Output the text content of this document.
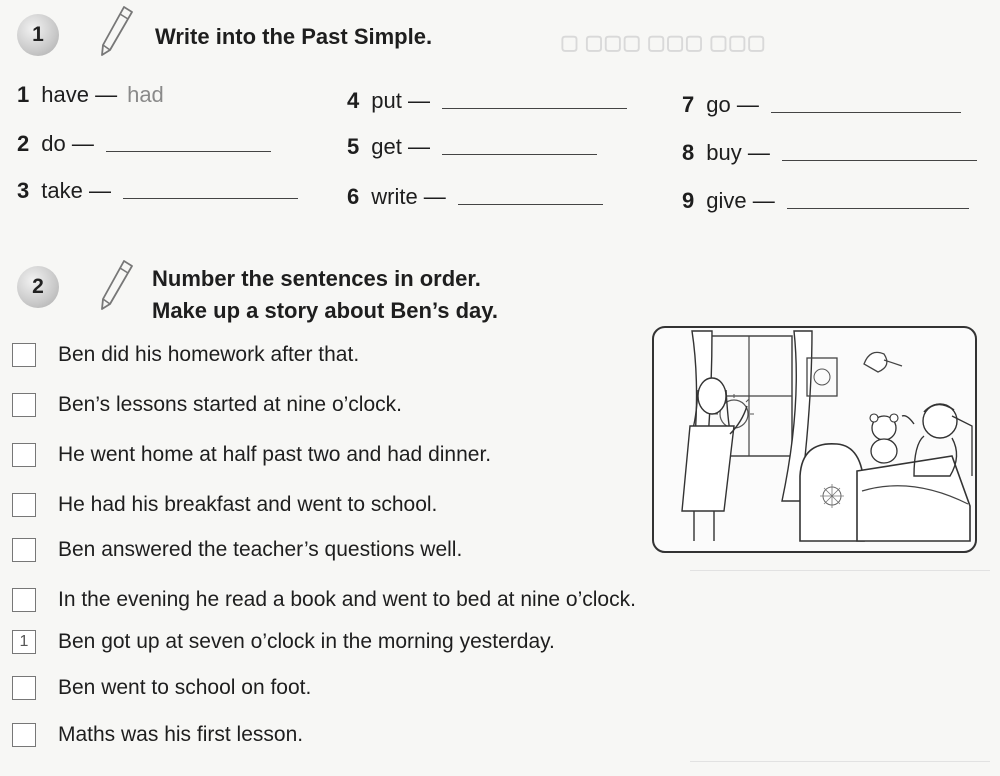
▢ ▢▢▢ ▢▢▢ ▢▢▢
1	Write into the Past Simple.
1 have — had
2 do —
3 take —
4 put —
5 get —
6 write —
7 go —
8 buy —
9 give —
2	Number the sentences in order.
Make up a story about Ben’s day.
Ben did his homework after that.
Ben’s lessons started at nine o’clock.
He went home at half past two and had dinner.
He had his breakfast and went to school.
Ben answered the teacher’s questions well.
In the evening he read a book and went to bed at nine o’clock.
1	Ben got up at seven o’clock in the morning yesterday.
Ben went to school on foot.
Maths was his first lesson.
